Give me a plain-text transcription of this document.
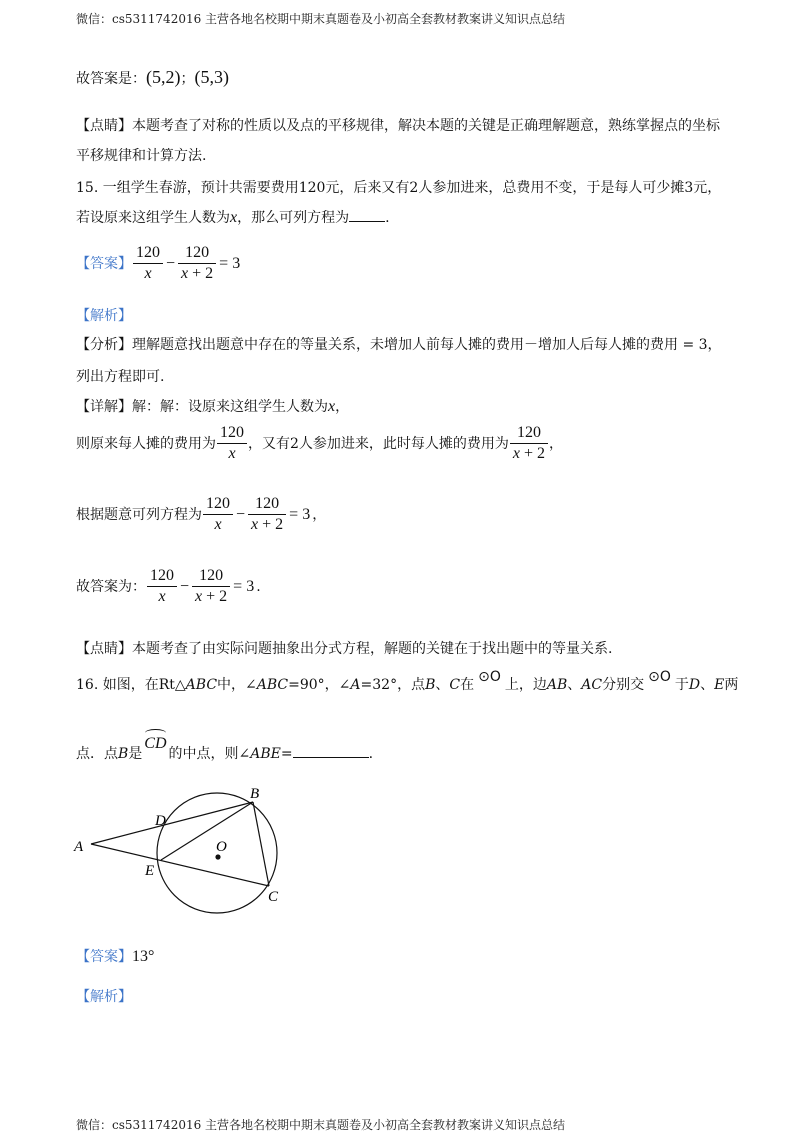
微信：cs5311742016 主营各地名校期中期末真题卷及小初高全套教材教案讲义知识点总结
故答案是：(5,2)；(5,3)
【点睛】本题考查了对称的性质以及点的平移规律，解决本题的关键是正确理解题意，熟练掌握点的坐标
平移规律和计算方法.
15. 一组学生春游，预计共需要费用120元，后来又有2人参加进来，总费用不变，于是每人可少摊3元，
若设原来这组学生人数为x，那么可列方程为	.
【答案】 $\frac{120}{x} - \frac{120}{x + 2} = 3$
【解析】
【分析】理解题意找出题意中存在的等量关系，未增加人前每人摊的费用－增加人后每人摊的费用 = 3，
列出方程即可.
【详解】解：解：设原来这组学生人数为x，
则原来每人摊的费用为 $\frac{120}{x}$ ，又有2人参加进来，此时每人摊的费用为 $\frac{120}{x + 2}$ ，
根据题意可列方程为 $\frac{120}{x} - \frac{120}{x + 2} = 3$ ，
故答案为： $\frac{120}{x} - \frac{120}{x + 2} = 3$ .
【点睛】本题考查了由实际问题抽象出分式方程，解题的关键在于找出题中的等量关系.
16. 如图，在Rt△ABC中，∠ABC=90°，∠A=32°，点B、C在 ⊙O 上，边AB、AC分别交 ⊙O 于D、E两
点．点B是
CD的中点，则∠ABE=	.
A
B
C
D
E
O
【答案】13°
【解析】
微信：cs5311742016 主营各地名校期中期末真题卷及小初高全套教材教案讲义知识点总结
